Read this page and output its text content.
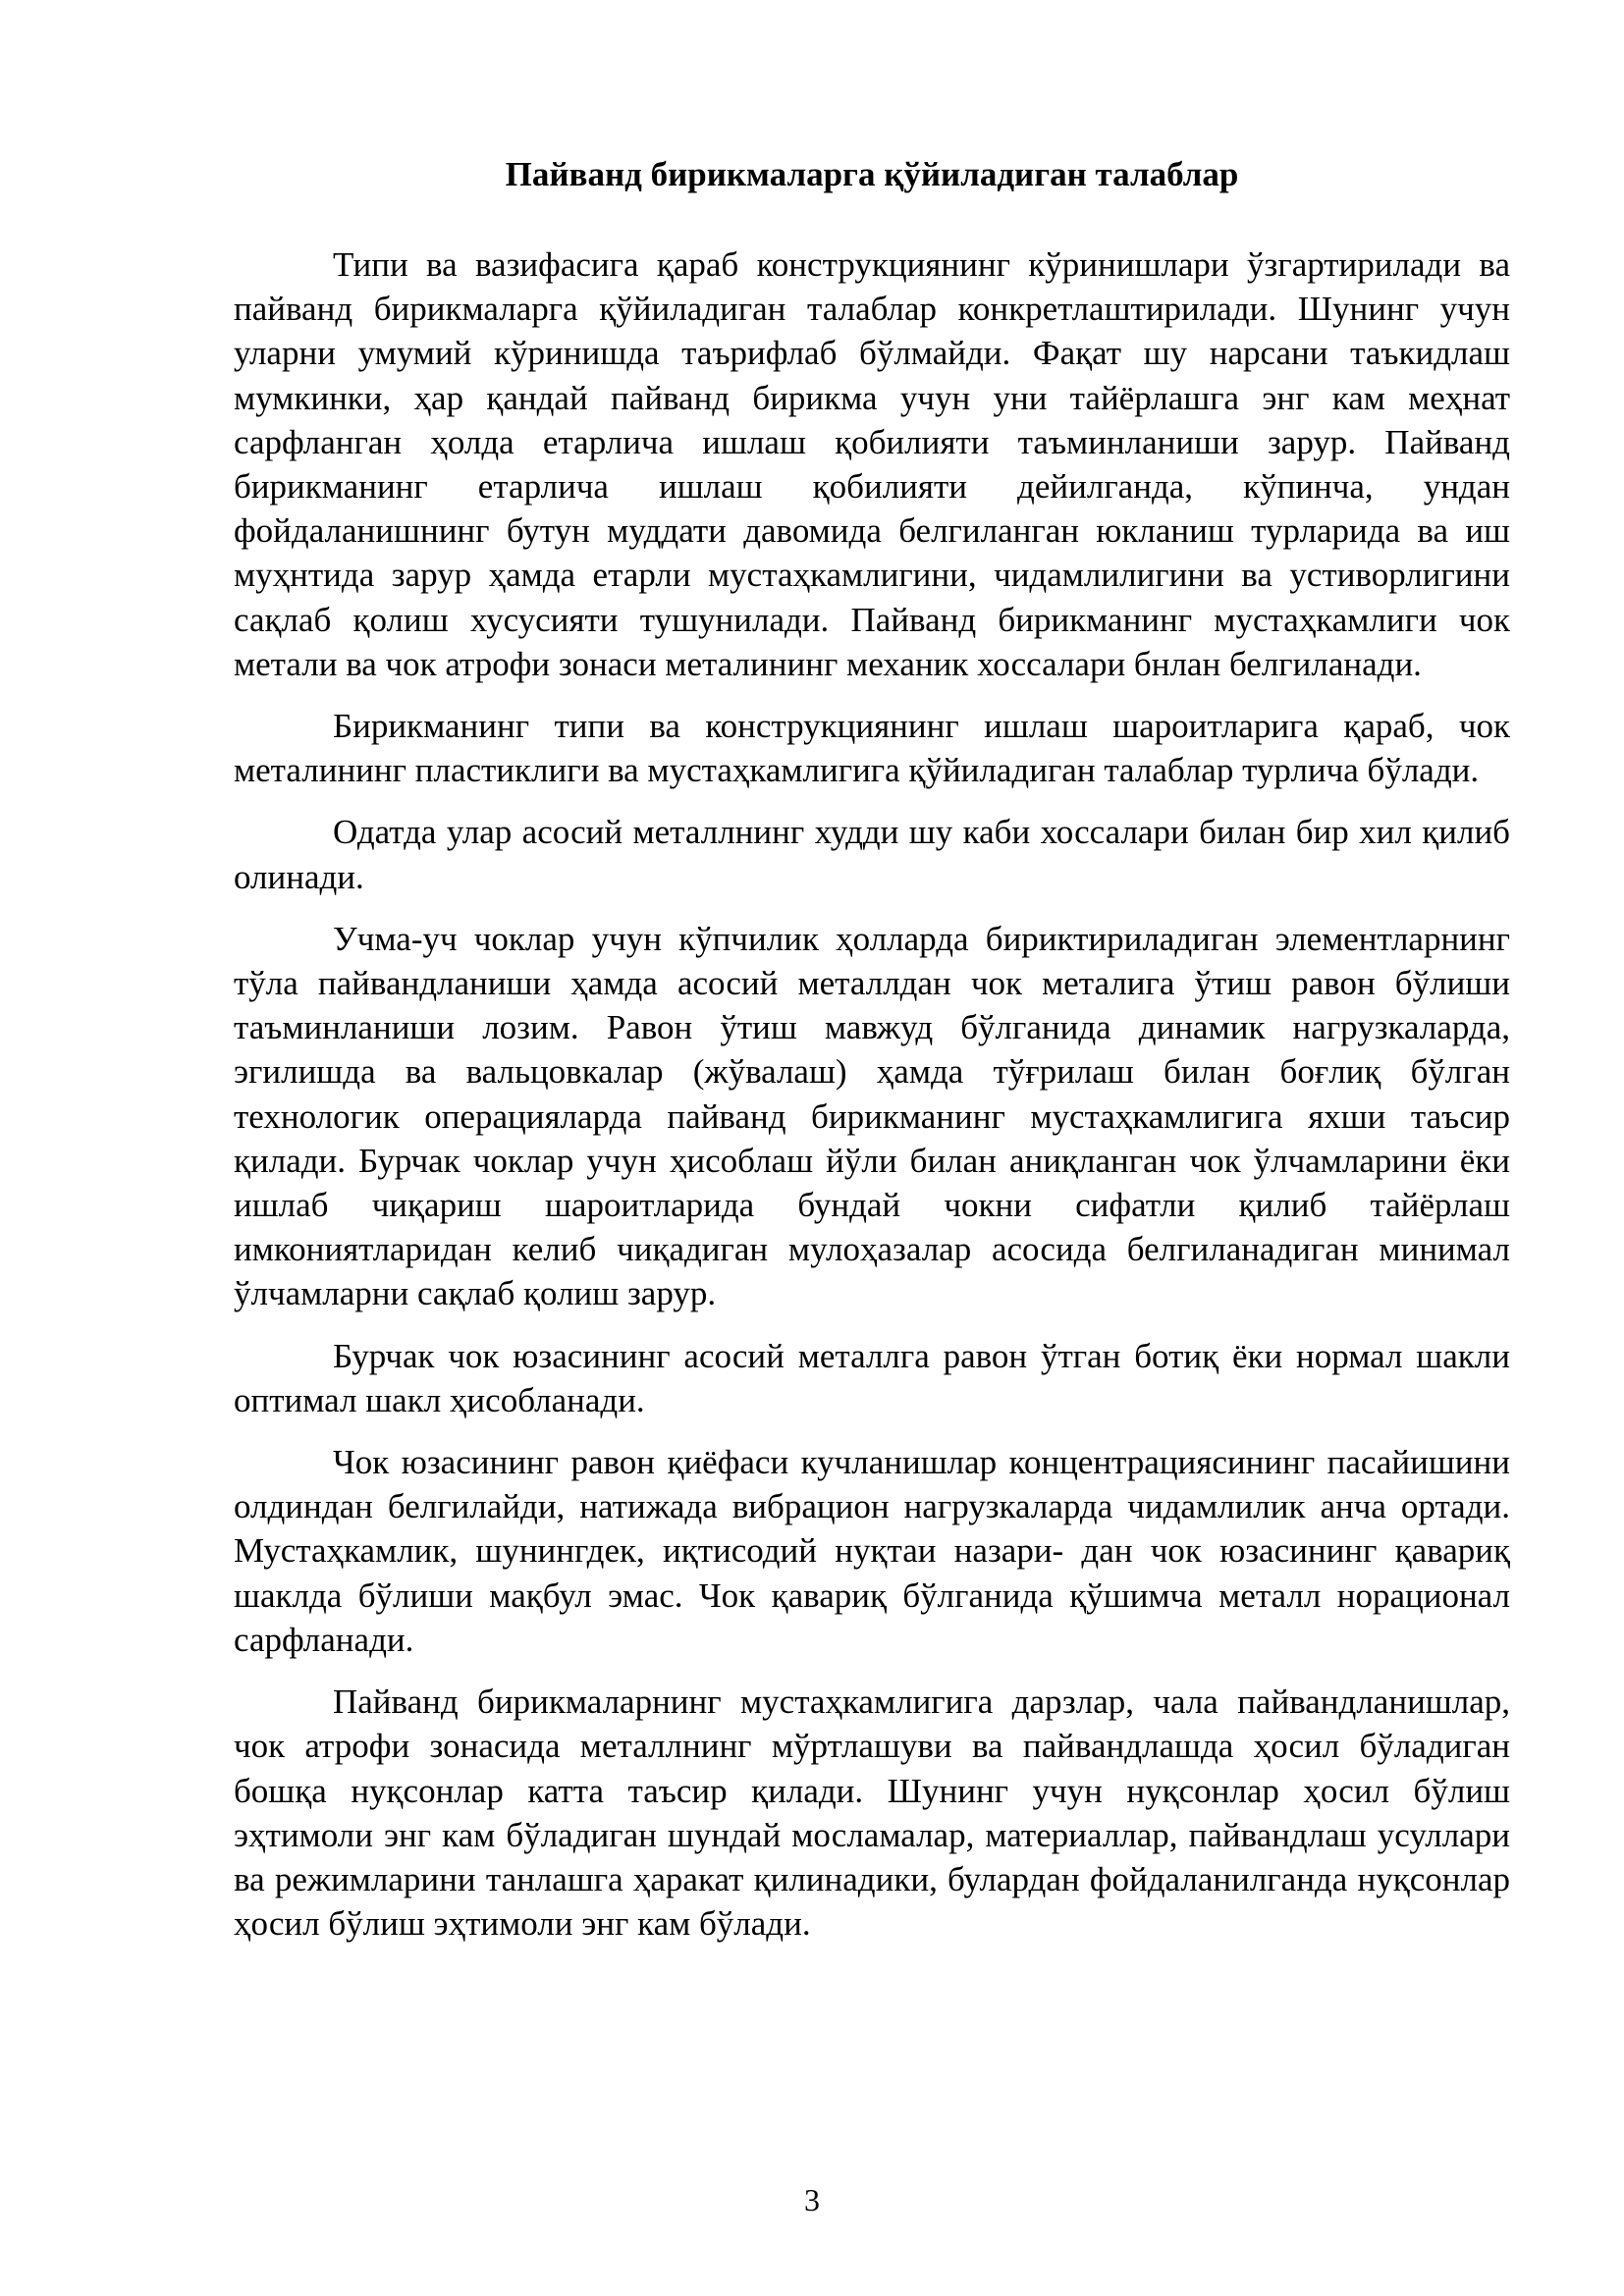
Пайванд бирикмаларга қўйиладиган талаблар

Типи ва вазифасига қараб конструкциянинг кўринишлари ўзгартирилади ва пайванд бирикмаларга қўйиладиган талаблар конкретлаштирилади. Шунинг учун уларни умумий кўринишда таърифлаб бўлмайди. Фақат шу нарсани таъкидлаш мумкинки, ҳар қандай пайванд бирикма учун уни тайёрлашга энг кам меҳнат сарфланган ҳолда етарлича ишлаш қобилияти таъминланиши зарур. Пайванд бирикманинг етарлича ишлаш қобилияти дейилганда, кўпинча, ундан фойдаланишнинг бутун муддати давомида белгиланган юкланиш турларида ва иш муҳнтида зарур ҳамда етарли мустаҳкамлигини, чидамлилигини ва устиворлигини сақлаб қолиш хусусияти тушунилади. Пайванд бирикманинг мустаҳкамлиги чок метали ва чок атрофи зонаси металининг механик хоссалари бнлан белгиланади.

Бирикманинг типи ва конструкциянинг ишлаш шароитларига қараб, чок металининг пластиклиги ва мустаҳкамлигига қўйиладиган талаблар турлича бўлади.

Одатда улар асосий металлнинг худди шу каби хоссалари билан бир хил қилиб олинади.

Учма-уч чоклар учун кўпчилик ҳолларда бириктириладиган элементларнинг тўла пайвандланиши ҳамда асосий металлдан чок металига ўтиш равон бўлиши таъминланиши лозим. Равон ўтиш мавжуд бўлганида динамик нагрузкаларда, эгилишда ва вальцовкалар (жўвалаш) ҳамда тўғрилаш билан боғлиқ бўлган технологик операцияларда пайванд бирикманинг мустаҳкамлигига яхши таъсир қилади. Бурчак чоклар учун ҳисоблаш йўли билан аниқланган чок ўлчамларини ёки ишлаб чиқариш шароитларида бундай чокни сифатли қилиб тайёрлаш имкониятларидан келиб чиқадиган мулоҳазалар асосида белгиланадиган минимал ўлчамларни сақлаб қолиш зарур.

Бурчак чок юзасининг асосий металлга равон ўтган ботиқ ёки нормал шакли оптимал шакл ҳисобланади.

Чок юзасининг равон қиёфаси кучланишлар концентрациясининг пасайишини олдиндан белгилайди, натижада вибрацион нагрузкаларда чидамлилик анча ортади. Мустаҳкамлик, шунингдек, иқтисодий нуқтаи назари- дан чок юзасининг қавариқ шаклда бўлиши мақбул эмас. Чок қавариқ бўлганида қўшимча металл норационал сарфланади.

Пайванд бирикмаларнинг мустаҳкамлигига дарзлар, чала пайвандланишлар, чок атрофи зонасида металлнинг мўртлашуви ва пайвандлашда ҳосил бўладиган бошқа нуқсонлар катта таъсир қилади. Шунинг учун нуқсонлар ҳосил бўлиш эҳтимоли энг кам бўладиган шундай мосламалар, материаллар, пайвандлаш усуллари ва режимларини танлашга ҳаракат қилинадики, булардан фойдаланилганда нуқсонлар ҳосил бўлиш эҳтимоли энг кам бўлади.

3
